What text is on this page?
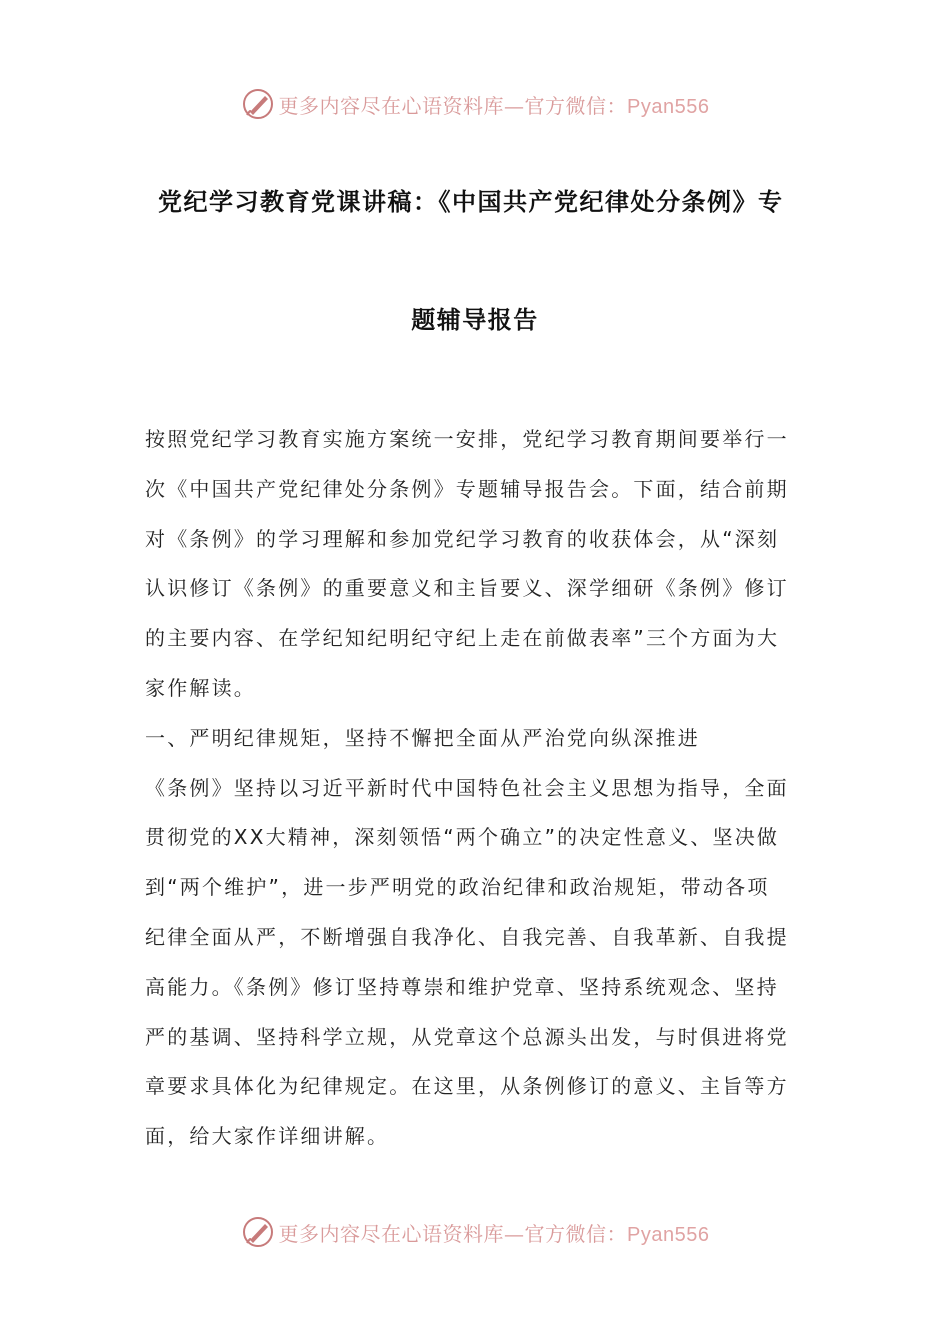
更多内容尽在心语资料库—官方微信：Pyan556
党纪学习教育党课讲稿：《中国共产党纪律处分条例》专
题辅导报告
按照党纪学习教育实施方案统一安排，党纪学习教育期间要举行一
次《中国共产党纪律处分条例》专题辅导报告会。下面，结合前期
对《条例》的学习理解和参加党纪学习教育的收获体会，从“深刻
认识修订《条例》的重要意义和主旨要义、深学细研《条例》修订
的主要内容、在学纪知纪明纪守纪上走在前做表率”三个方面为大
家作解读。
一、严明纪律规矩，坚持不懈把全面从严治党向纵深推进
《条例》坚持以习近平新时代中国特色社会主义思想为指导，全面
贯彻党的XX大精神，深刻领悟“两个确立”的决定性意义、坚决做
到“两个维护”，进一步严明党的政治纪律和政治规矩，带动各项
纪律全面从严，不断增强自我净化、自我完善、自我革新、自我提
高能力。《条例》修订坚持尊崇和维护党章、坚持系统观念、坚持
严的基调、坚持科学立规，从党章这个总源头出发，与时俱进将党
章要求具体化为纪律规定。在这里，从条例修订的意义、主旨等方
面，给大家作详细讲解。
更多内容尽在心语资料库—官方微信：Pyan556
